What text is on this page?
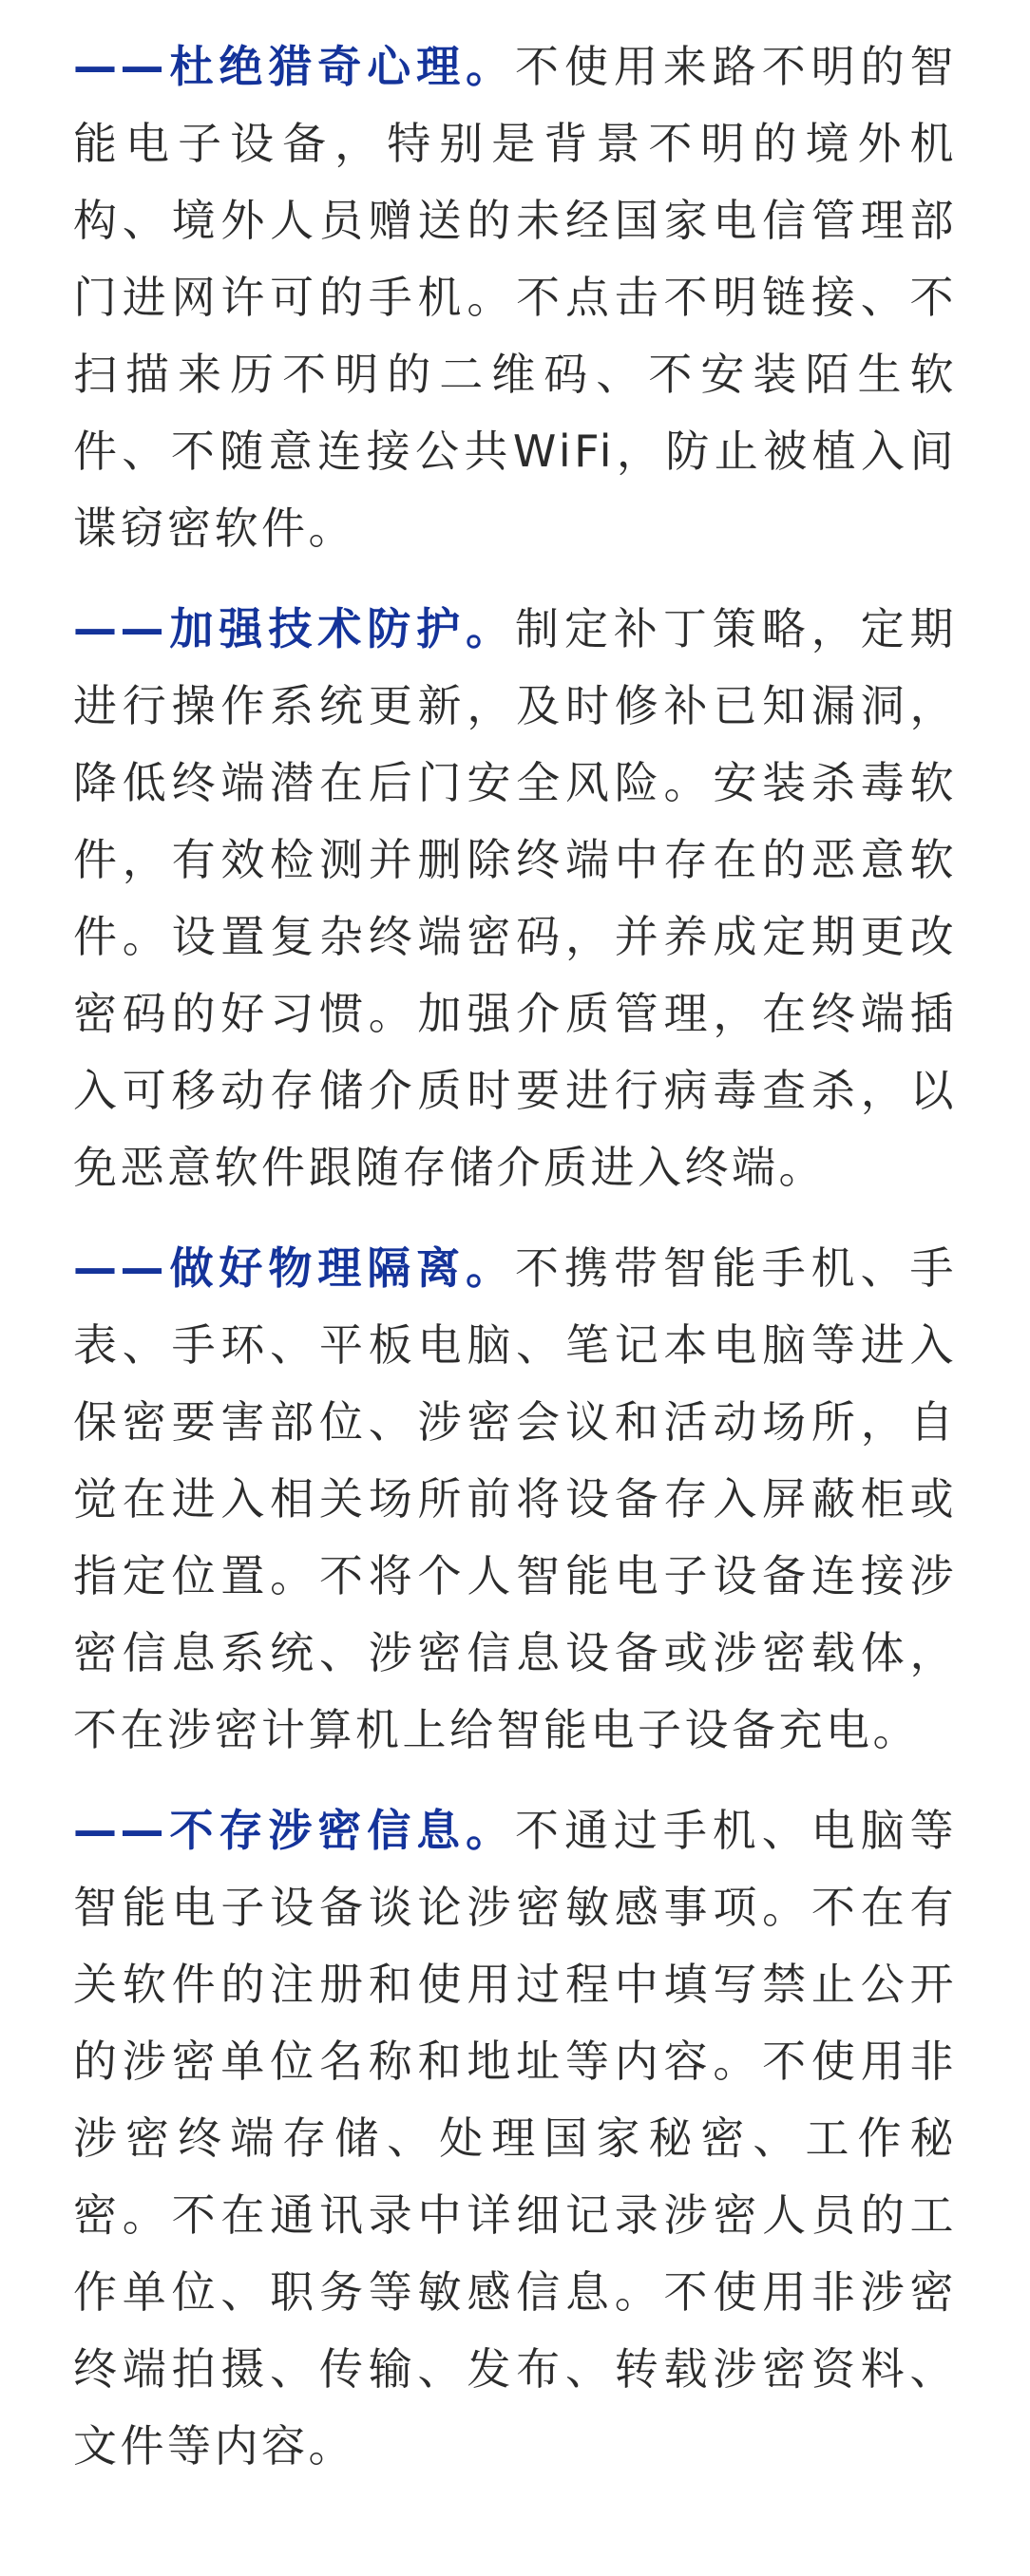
——杜绝猎奇心理。不使用来路不明的智能电子设备，特别是背景不明的境外机构、境外人员赠送的未经国家电信管理部门进网许可的手机。不点击不明链接、不扫描来历不明的二维码、不安装陌生软件、不随意连接公共WiFi，防止被植入间谍窃密软件。

——加强技术防护。制定补丁策略，定期进行操作系统更新，及时修补已知漏洞，降低终端潜在后门安全风险。安装杀毒软件，有效检测并删除终端中存在的恶意软件。设置复杂终端密码，并养成定期更改密码的好习惯。加强介质管理，在终端插入可移动存储介质时要进行病毒查杀，以免恶意软件跟随存储介质进入终端。

——做好物理隔离。不携带智能手机、手表、手环、平板电脑、笔记本电脑等进入保密要害部位、涉密会议和活动场所，自觉在进入相关场所前将设备存入屏蔽柜或指定位置。不将个人智能电子设备连接涉密信息系统、涉密信息设备或涉密载体，不在涉密计算机上给智能电子设备充电。

——不存涉密信息。不通过手机、电脑等智能电子设备谈论涉密敏感事项。不在有关软件的注册和使用过程中填写禁止公开的涉密单位名称和地址等内容。不使用非涉密终端存储、处理国家秘密、工作秘密。不在通讯录中详细记录涉密人员的工作单位、职务等敏感信息。不使用非涉密终端拍摄、传输、发布、转载涉密资料、文件等内容。
